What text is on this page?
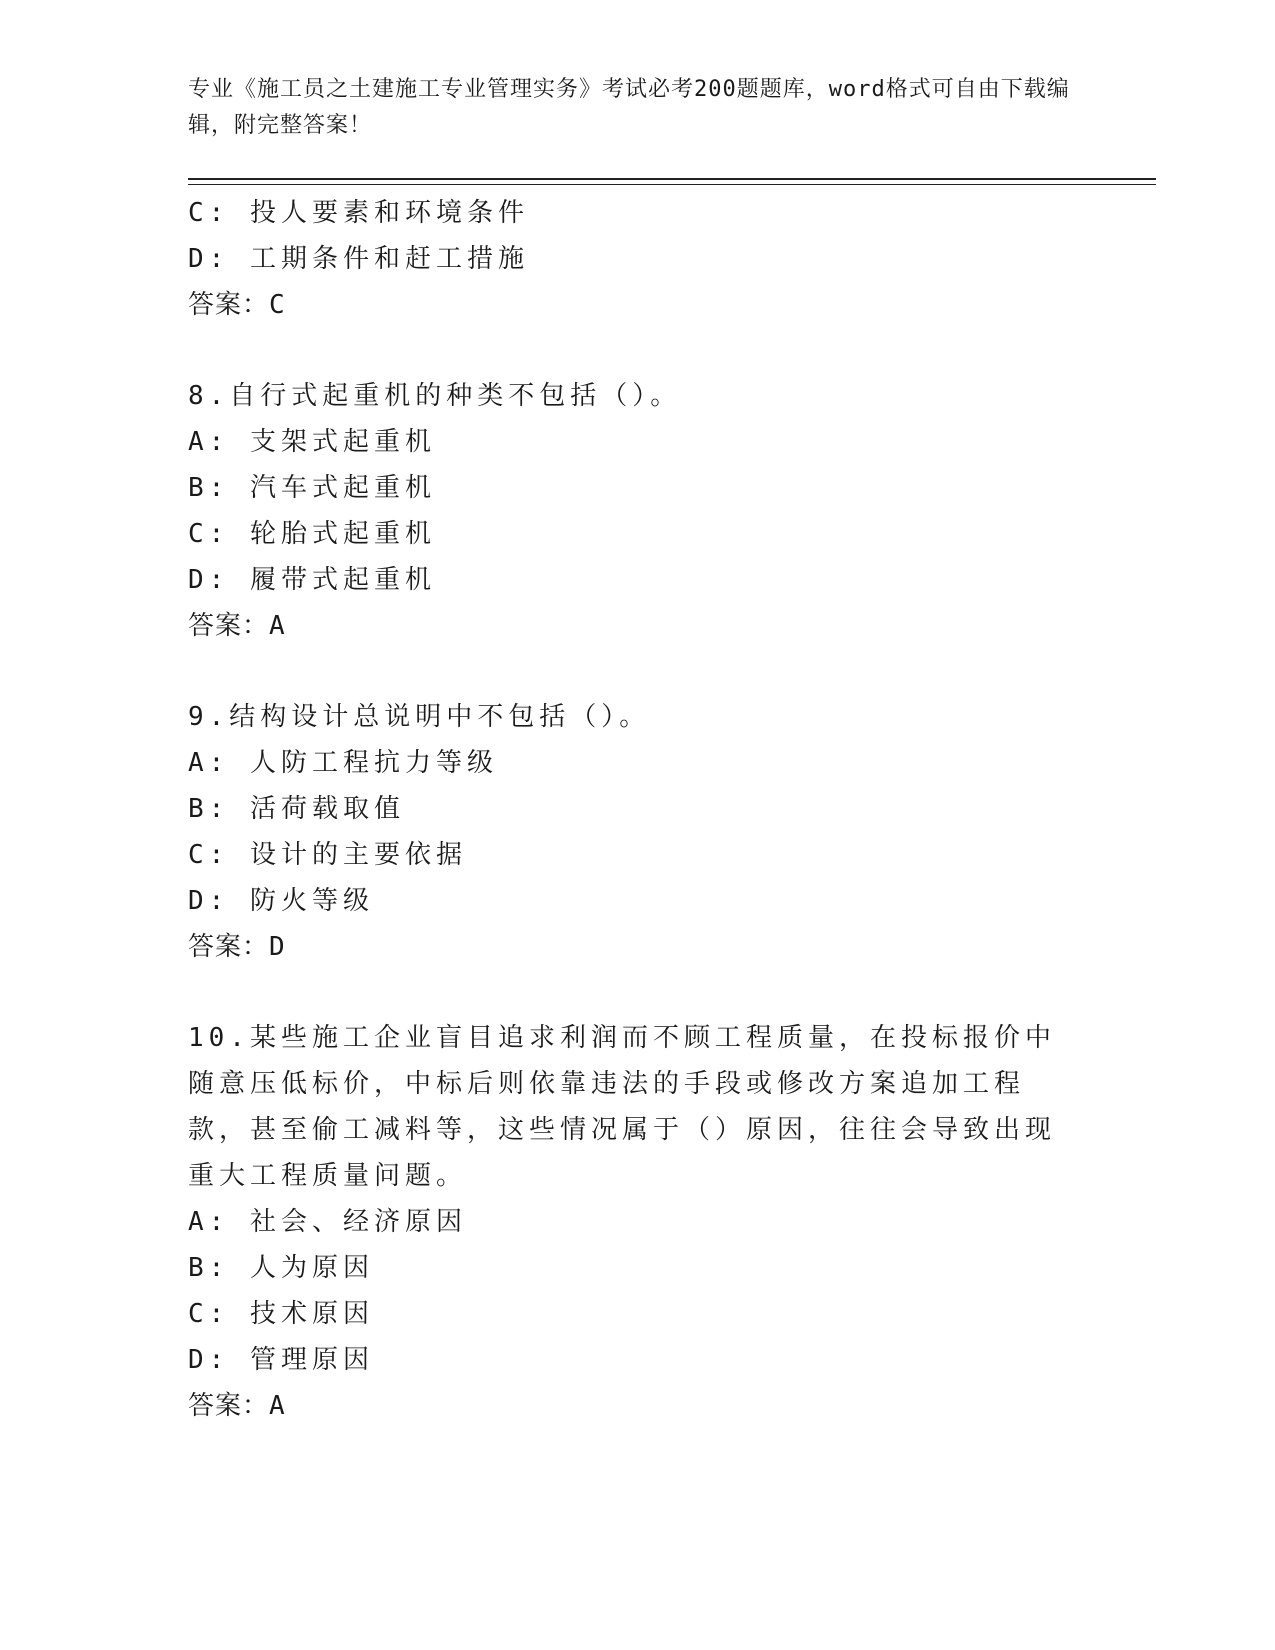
专业《施工员之土建施工专业管理实务》考试必考200题题库，word格式可自由下载编辑，附完整答案！
C: 投人要素和环境条件
D: 工期条件和赶工措施
答案：C
8.自行式起重机的种类不包括（）。
A: 支架式起重机
B: 汽车式起重机
C: 轮胎式起重机
D: 履带式起重机
答案：A
9.结构设计总说明中不包括（）。
A: 人防工程抗力等级
B: 活荷载取值
C: 设计的主要依据
D: 防火等级
答案：D
10.某些施工企业盲目追求利润而不顾工程质量，在投标报价中随意压低标价，中标后则依靠违法的手段或修改方案追加工程款，甚至偷工减料等，这些情况属于（）原因，往往会导致出现重大工程质量问题。
A: 社会、经济原因
B: 人为原因
C: 技术原因
D: 管理原因
答案：A
